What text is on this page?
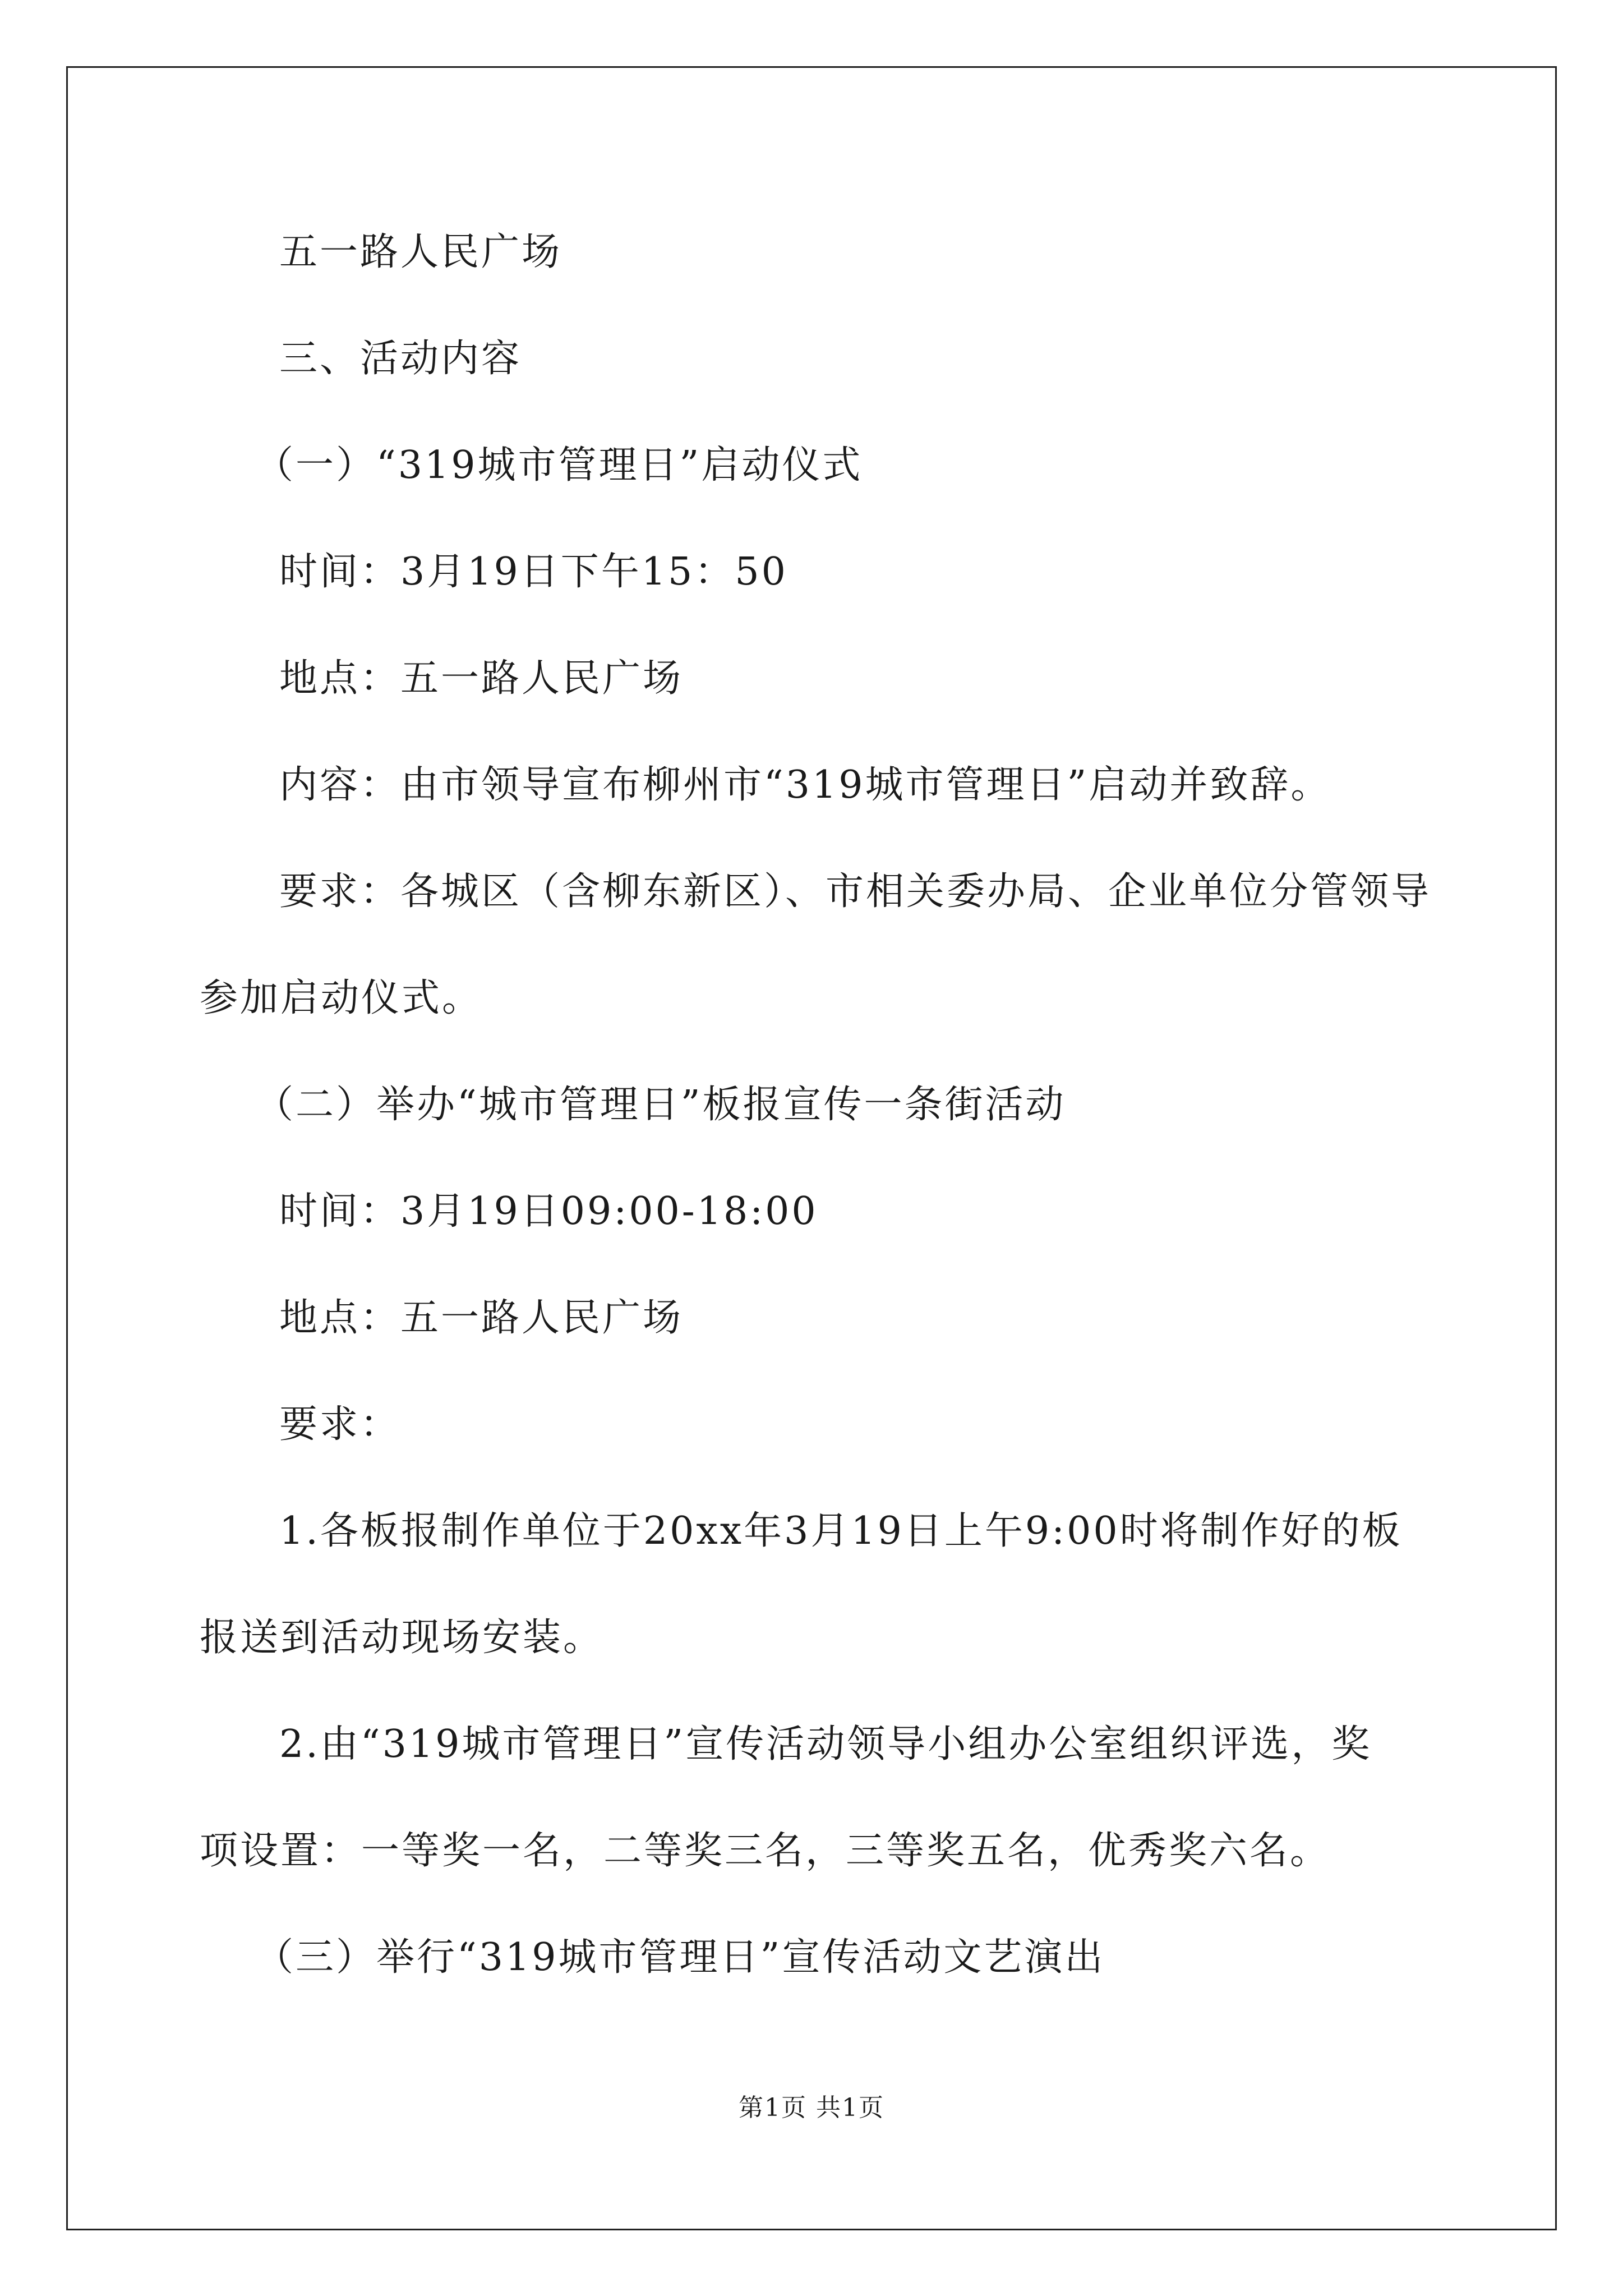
五一路人民广场
三、活动内容
（一）“319城市管理日”启动仪式
时间：3月19日下午15：50
地点：五一路人民广场
内容：由市领导宣布柳州市“319城市管理日”启动并致辞。
要求：各城区（含柳东新区）、市相关委办局、企业单位分管领导
参加启动仪式。
（二）举办“城市管理日”板报宣传一条街活动
时间：3月19日09:00-18:00
地点：五一路人民广场
要求：
1.各板报制作单位于20xx年3月19日上午9:00时将制作好的板
报送到活动现场安装。
2.由“319城市管理日”宣传活动领导小组办公室组织评选，奖
项设置：一等奖一名，二等奖三名，三等奖五名，优秀奖六名。
（三）举行“319城市管理日”宣传活动文艺演出
第1页 共1页
